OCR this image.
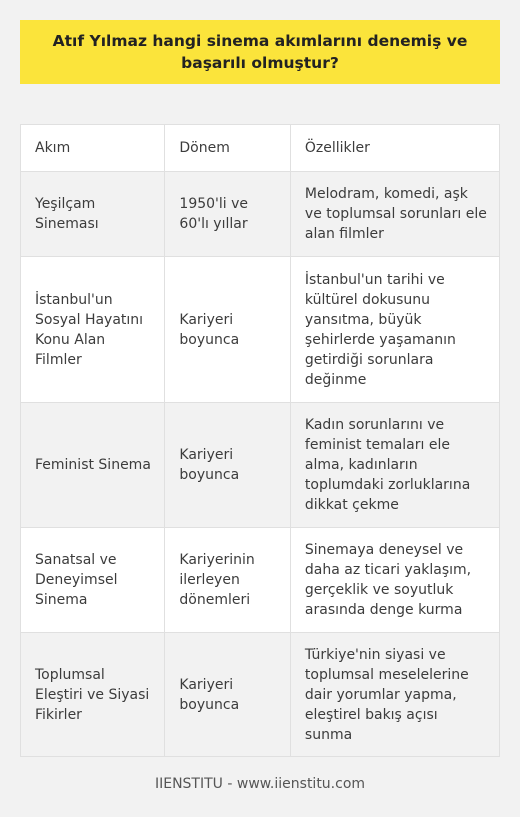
Atıf Yılmaz hangi sinema akımlarını denemiş ve başarılı olmuştur?
Akım	Dönem	Özellikler
Yeşilçam Sineması
1950'li ve 60'lı yıllar
Melodram, komedi, aşk ve toplumsal sorunları ele alan filmler
İstanbul'un Sosyal Hayatını Konu Alan Filmler
Kariyeri boyunca
İstanbul'un tarihi ve kültürel dokusunu yansıtma, büyük şehirlerde yaşamanın getirdiği sorunlara değinme
Feminist Sinema
Kariyeri boyunca
Kadın sorunlarını ve feminist temaları ele alma, kadınların toplumdaki zorluklarına dikkat çekme
Sanatsal ve Deneyimsel Sinema
Kariyerinin ilerleyen dönemleri
Sinemaya deneysel ve daha az ticari yaklaşım, gerçeklik ve soyutluk arasında denge kurma
Toplumsal Eleştiri ve Siyasi Fikirler
Kariyeri boyunca
Türkiye'nin siyasi ve toplumsal meselelerine dair yorumlar yapma, eleştirel bakış açısı sunma
IIENSTITU - www.iienstitu.com
